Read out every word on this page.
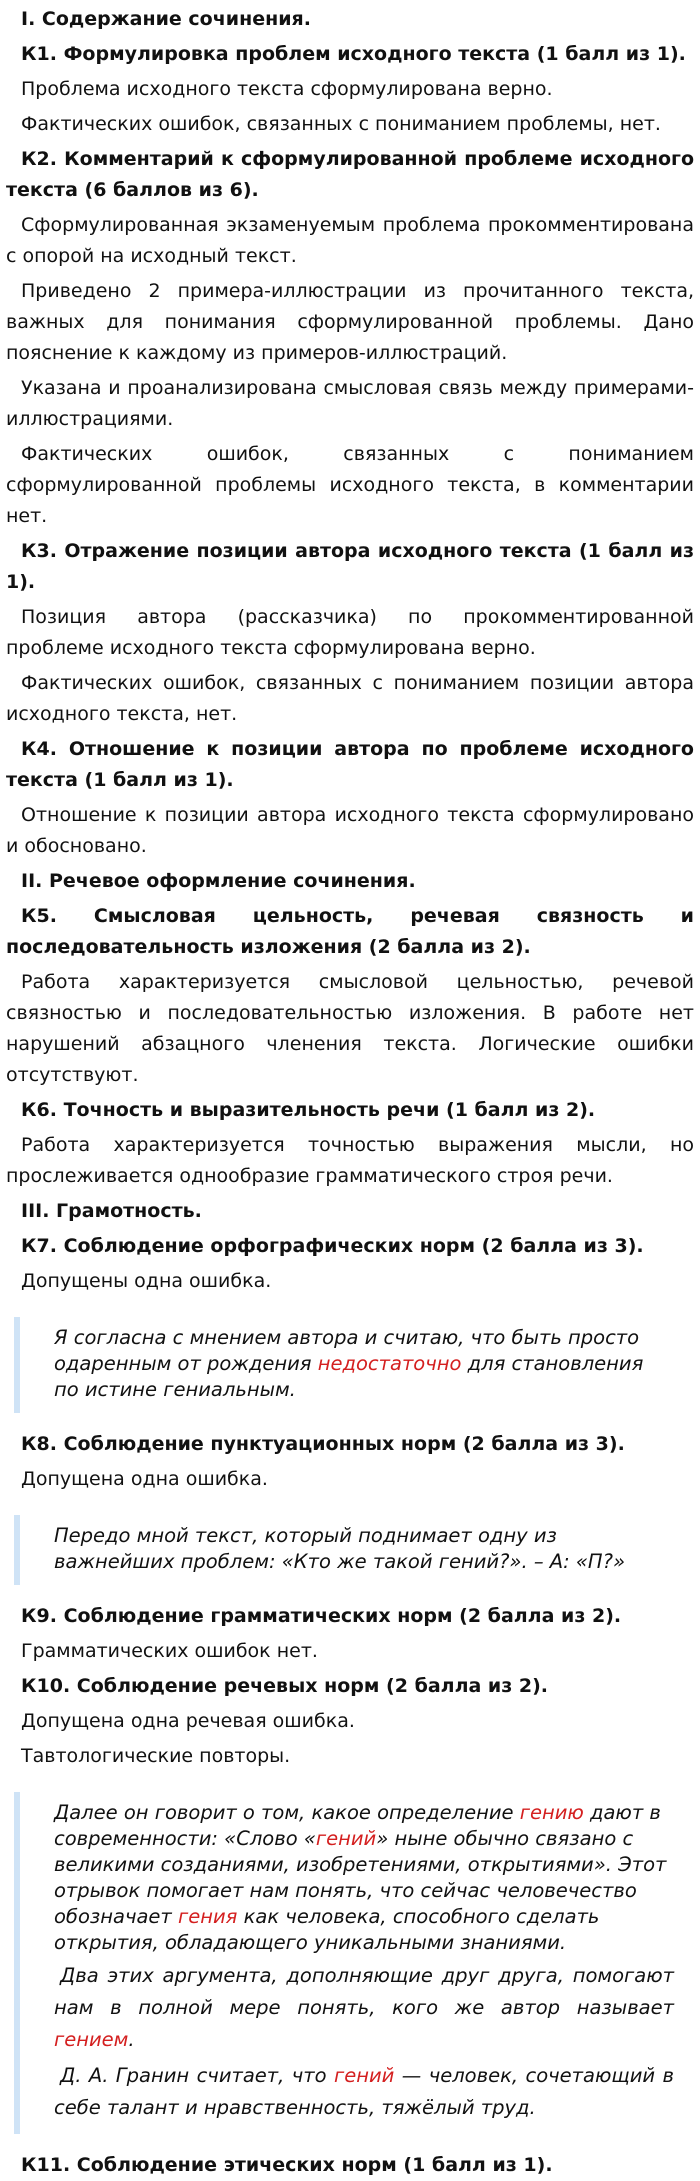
I. Содержание сочинения.
К1. Формулировка проблем исходного текста (1 балл из 1).
Проблема исходного текста сформулирована верно.
Фактических ошибок, связанных с пониманием проблемы, нет.
К2. Комментарий к сформулированной проблеме исходного текста (6 баллов из 6).
Сформулированная экзаменуемым проблема прокомментирована с опорой на исходный текст.
Приведено 2 примера-иллюстрации из прочитанного текста, важных для понимания сформулированной проблемы. Дано пояснение к каждому из примеров-иллюстраций.
Указана и проанализирована смысловая связь между примерами-иллюстрациями.
Фактических ошибок, связанных с пониманием сформулированной проблемы исходного текста, в комментарии нет.
К3. Отражение позиции автора исходного текста (1 балл из 1).
Позиция автора (рассказчика) по прокомментированной проблеме исходного текста сформулирована верно.
Фактических ошибок, связанных с пониманием позиции автора исходного текста, нет.
К4. Отношение к позиции автора по проблеме исходного текста (1 балл из 1).
Отношение к позиции автора исходного текста сформулировано и обосновано.
II. Речевое оформление сочинения.
К5. Смысловая цельность, речевая связность и последовательность изложения (2 балла из 2).
Работа характеризуется смысловой цельностью, речевой связностью и последовательностью изложения. В работе нет нарушений абзацного членения текста. Логические ошибки отсутствуют.
К6. Точность и выразительность речи (1 балл из 2).
Работа характеризуется точностью выражения мысли, но прослеживается однообразие грамматического строя речи.
III. Грамотность.
К7. Соблюдение орфографических норм (2 балла из 3).
Допущены одна ошибка.

Я согласна с мнением автора и считаю, что быть просто одаренным от рождения недостаточно для становления по истине гениальным.

К8. Соблюдение пунктуационных норм (2 балла из 3).
Допущена одна ошибка.

Передо мной текст, который поднимает одну из важнейших проблем: «Кто же такой гений?». – А: «П?»

К9. Соблюдение грамматических норм (2 балла из 2).
Грамматических ошибок нет.
К10. Соблюдение речевых норм (2 балла из 2).
Допущена одна речевая ошибка.
Тавтологические повторы.

Далее он говорит о том, какое определение гению дают в современности: «Слово «гений» ныне обычно связано с великими созданиями, изобретениями, открытиями». Этот отрывок помогает нам понять, что сейчас человечество обозначает гения как человека, способного сделать открытия, обладающего уникальными знаниями.

Два этих аргумента, дополняющие друг друга, помогают нам в полной мере понять, кого же автор называет гением.

Д. А. Гранин считает, что гений — человек, сочетающий в себе талант и нравственность, тяжёлый труд.

К11. Соблюдение этических норм (1 балл из 1).
